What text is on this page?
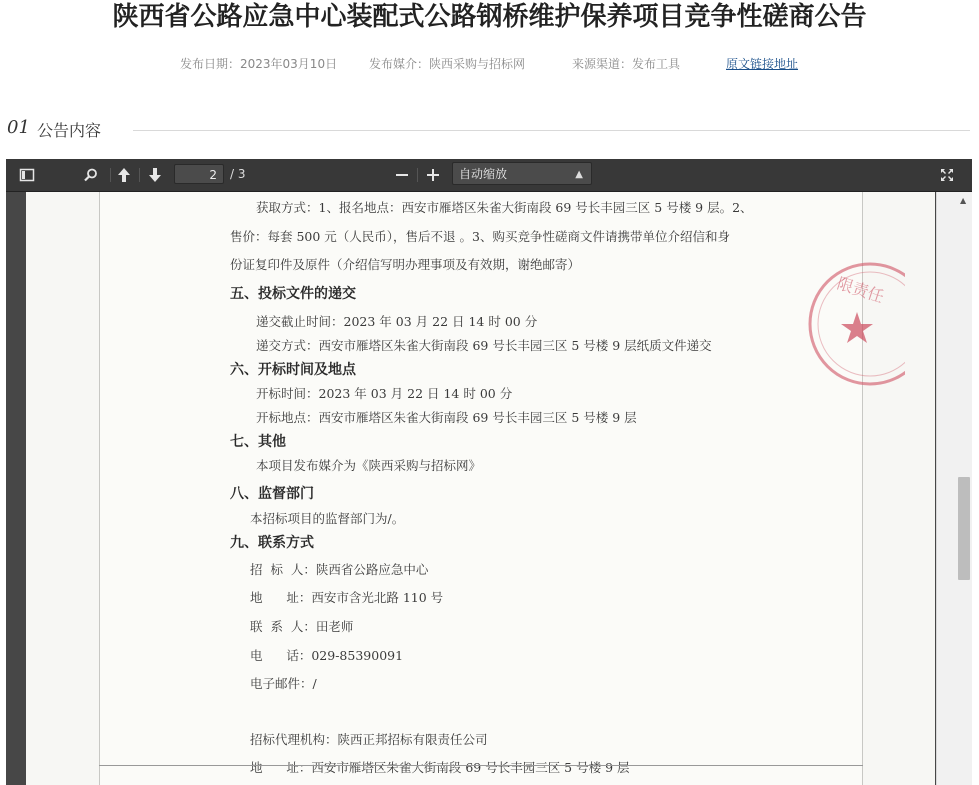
陕西省公路应急中心装配式公路钢桥维护保养项目竞争性磋商公告
发布日期：2023年03月10日	发布媒介：陕西采购与招标网	来源渠道：发布工具	原文链接地址
01 公告内容
2	/ 3	自动缩放	▲

获取方式：1、报名地点：西安市雁塔区朱雀大街南段 69 号长丰园三区 5 号楼 9 层。2、
售价：每套 500 元（人民币），售后不退 。3、购买竞争性磋商文件请携带单位介绍信和身
份证复印件及原件（介绍信写明办理事项及有效期，谢绝邮寄）
五、投标文件的递交
递交截止时间：2023 年 03 月 22 日 14 时 00 分
递交方式：西安市雁塔区朱雀大街南段 69 号长丰园三区 5 号楼 9 层纸质文件递交
六、开标时间及地点
开标时间：2023 年 03 月 22 日 14 时 00 分
开标地点：西安市雁塔区朱雀大街南段 69 号长丰园三区 5 号楼 9 层
七、其他
本项目发布媒介为《陕西采购与招标网》
八、监督部门
本招标项目的监督部门为/。
九、联系方式
招  标  人：陕西省公路应急中心
地      址：西安市含光北路 110 号
联  系  人：田老师
电      话：029-85390091
电子邮件：/
招标代理机构：陕西正邦招标有限责任公司
地      址：西安市雁塔区朱雀大街南段 69 号长丰园三区 5 号楼 9 层
限责任
▲
